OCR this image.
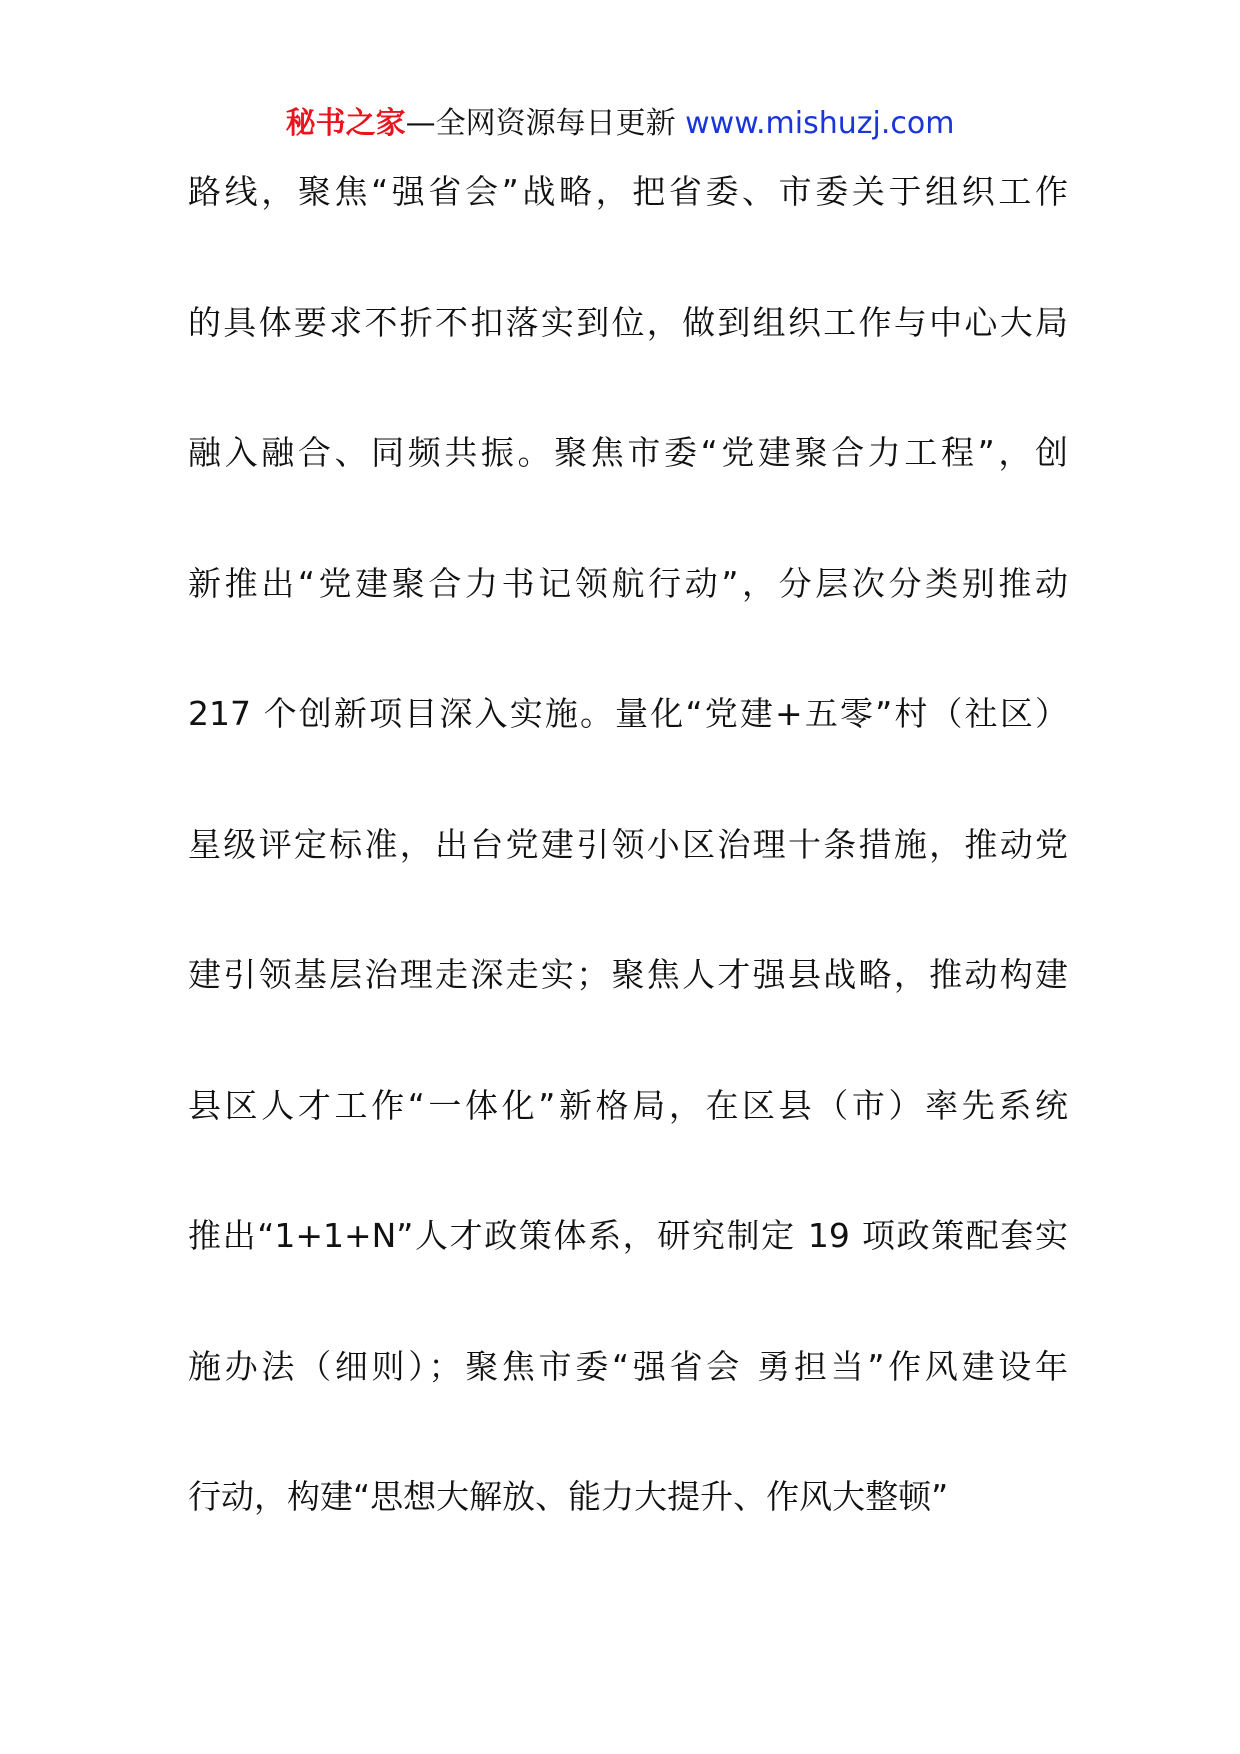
秘书之家—全网资源每日更新 www.mishuzj.com
路线，聚焦“强省会”战略，把省委、市委关于组织工作
的具体要求不折不扣落实到位，做到组织工作与中心大局
融入融合、同频共振。聚焦市委“党建聚合力工程”，创
新推出“党建聚合力书记领航行动”，分层次分类别推动
217 个创新项目深入实施。量化“党建+五零”村（社区）
星级评定标准，出台党建引领小区治理十条措施，推动党
建引领基层治理走深走实；聚焦人才强县战略，推动构建
县区人才工作“一体化”新格局，在区县（市）率先系统
推出“1+1+N”人才政策体系，研究制定 19 项政策配套实
施办法（细则）；聚焦市委“强省会 勇担当”作风建设年
行动，构建“思想大解放、能力大提升、作风大整顿”
